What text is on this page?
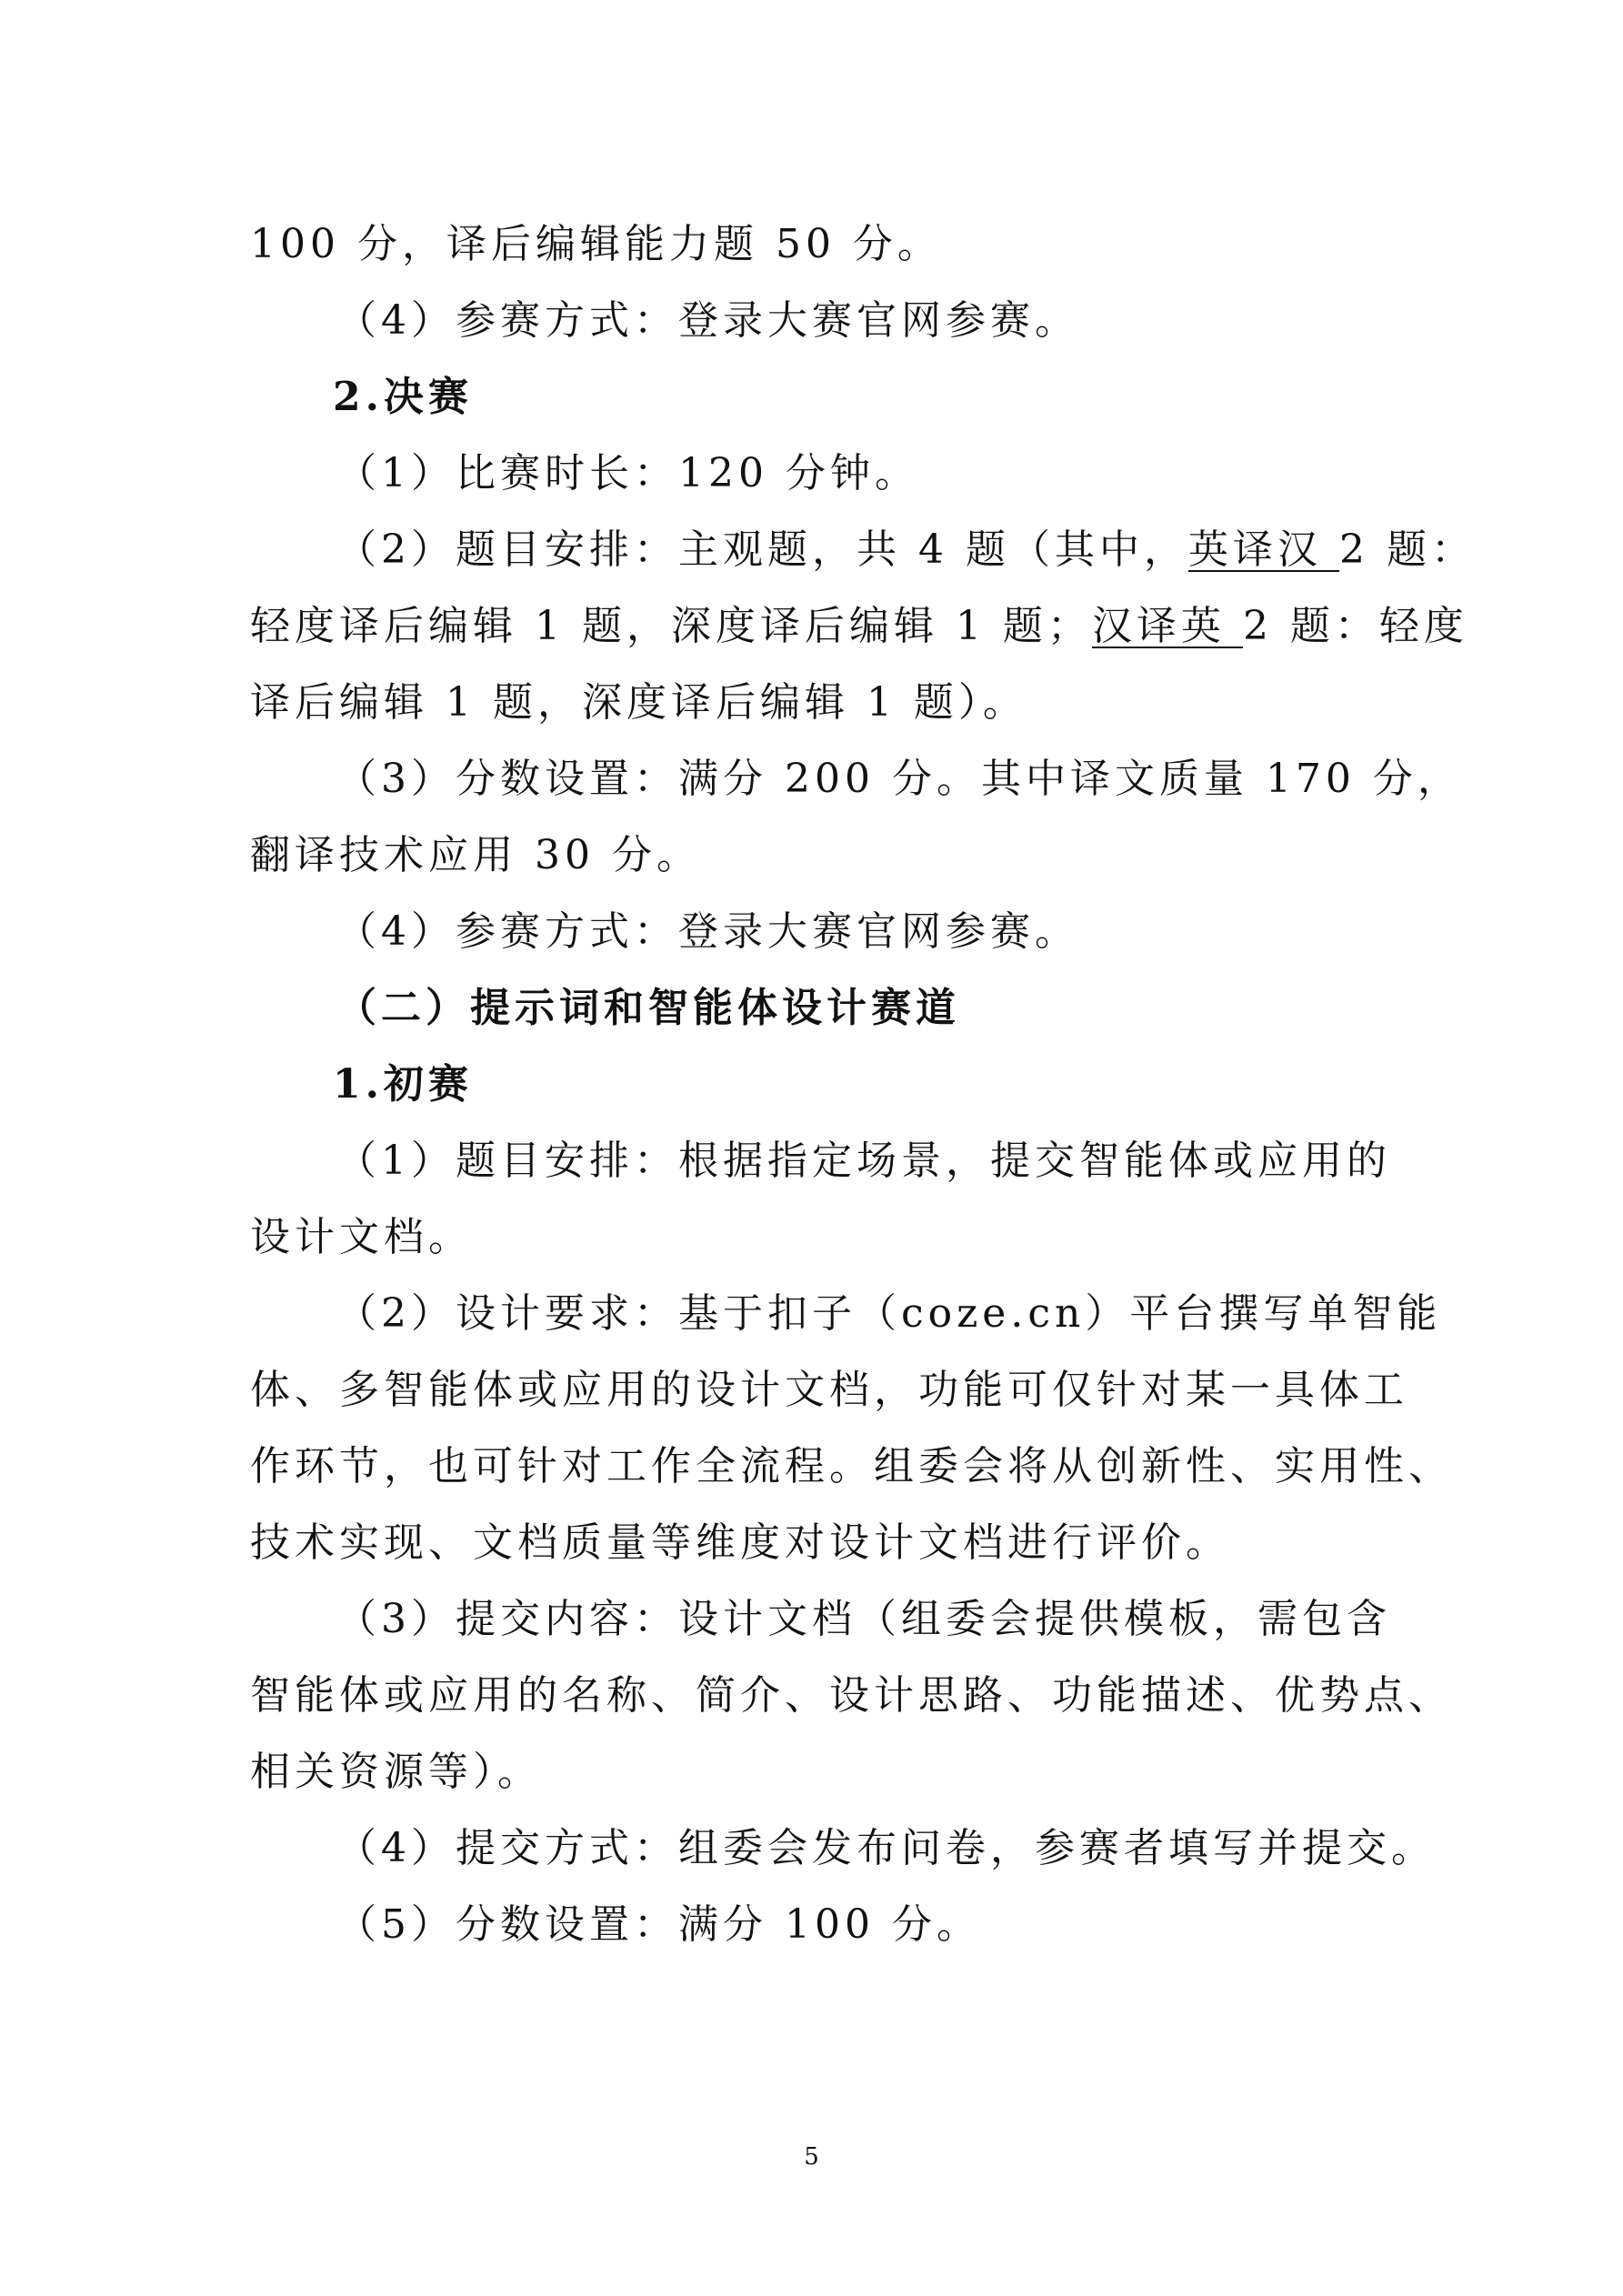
100 分，译后编辑能力题 50 分。
（4）参赛方式：登录大赛官网参赛。
2.决赛
（1）比赛时长：120 分钟。
（2）题目安排：主观题，共 4 题（其中，英译汉 2 题：
轻度译后编辑 1 题，深度译后编辑 1 题；汉译英 2 题：轻度
译后编辑 1 题，深度译后编辑 1 题）。
（3）分数设置：满分 200 分。其中译文质量 170 分，
翻译技术应用 30 分。
（4）参赛方式：登录大赛官网参赛。
（二）提示词和智能体设计赛道
1.初赛
（1）题目安排：根据指定场景，提交智能体或应用的
设计文档。
（2）设计要求：基于扣子（coze.cn）平台撰写单智能
体、多智能体或应用的设计文档，功能可仅针对某一具体工
作环节，也可针对工作全流程。组委会将从创新性、实用性、
技术实现、文档质量等维度对设计文档进行评价。
（3）提交内容：设计文档（组委会提供模板，需包含
智能体或应用的名称、简介、设计思路、功能描述、优势点、
相关资源等）。
（4）提交方式：组委会发布问卷，参赛者填写并提交。
（5）分数设置：满分 100 分。
5
